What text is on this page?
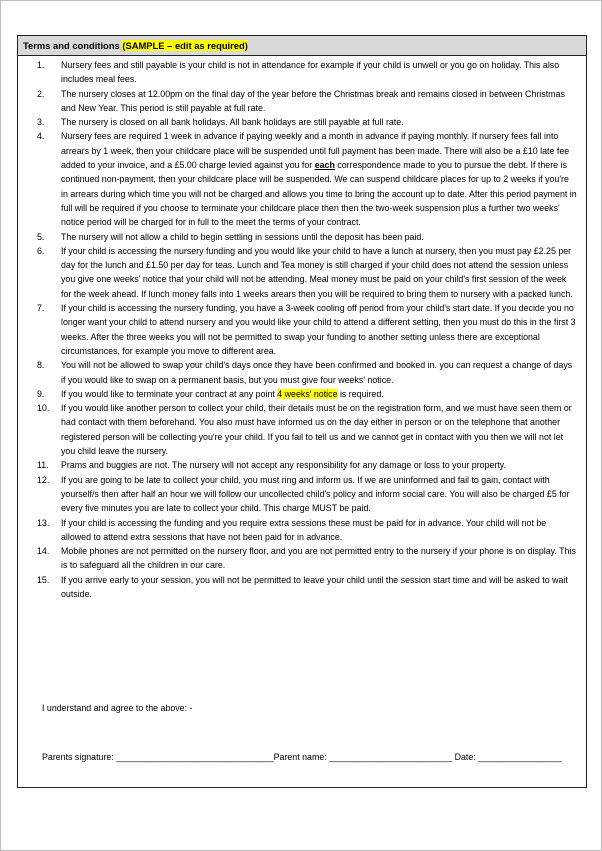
Terms and conditions (SAMPLE – edit as required)
1.	Nursery fees and still payable is your child is not in attendance for example if your child is unwell or you go on holiday. This also includes meal fees.
2.	The nursery closes at 12.00pm on the final day of the year before the Christmas break and remains closed in between Christmas and New Year. This period is still payable at full rate.
3.	The nursery is closed on all bank holidays. All bank holidays are still payable at full rate.
4.	Nursery fees are required 1 week in advance if paying weekly and a month in advance if paying monthly. If nursery fees fall into arrears by 1 week, then your childcare place will be suspended until full payment has been made. There will also be a £10 late fee added to your invoice, and a £5.00 charge levied against you for each correspondence made to you to pursue the debt. If there is continued non-payment, then your childcare place will be suspended. We can suspend childcare places for up to 2 weeks if you're in arrears during which time you will not be charged and allows you time to bring the account up to date. After this period payment in full will be required if you choose to terminate your childcare place then then the two-week suspension plus a further two weeks' notice period will be charged for in full to the meet the terms of your contract.
5.	The nursery will not allow a child to begin settling in sessions until the deposit has been paid.
6.	If your child is accessing the nursery funding and you would like your child to have a lunch at nursery, then you must pay £2.25 per day for the lunch and £1.50 per day for teas. Lunch and Tea money is still charged if your child does not attend the session unless you give one weeks' notice that your child will not be attending. Meal money must be paid on your child's first session of the week for the week ahead. If lunch money falls into 1 weeks arears then you will be required to bring them to nursery with a packed lunch.
7.	If your child is accessing the nursery funding, you have a 3-week cooling off period from your child's start date. If you decide you no longer want your child to attend nursery and you would like your child to attend a different setting, then you must do this in the first 3 weeks. After the three weeks you will not be permitted to swap your funding to another setting unless there are exceptional circumstances, for example you move to different area.
8.	You will not be allowed to swap your child's days once they have been confirmed and booked in. you can request a change of days if you would like to swap on a permanent basis, but you must give four weeks' notice.
9.	If you would like to terminate your contract at any point 4 weeks' notice is required.
10.	If you would like another person to collect your child, their details must be on the registration form, and we must have seen them or had contact with them beforehand. You also must have informed us on the day either in person or on the telephone that another registered person will be collecting you're your child. If you fail to tell us and we cannot get in contact with you then we will not let you child leave the nursery.
11.	Prams and buggies are not. The nursery will not accept any responsibility for any damage or loss to your property.
12.	If you are going to be late to collect your child, you must ring and inform us. If we are uninformed and fail to gain, contact with yourself/s then after half an hour we will follow our uncollected child's policy and inform social care. You will also be charged £5 for every five minutes you are late to collect your child. This charge MUST be paid.
13.	If your child is accessing the funding and you require extra sessions these must be paid for in advance. Your child will not be allowed to attend extra sessions that have not been paid for in advance.
14.	Mobile phones are not permitted on the nursery floor, and you are not permitted entry to the nursery if your phone is on display. This is to safeguard all the children in our care.
15.	If you arrive early to your session, you will not be permitted to leave your child until the session start time and will be asked to wait outside.
I understand and agree to the above: -
Parents signature: ________________________________Parent name: _________________________ Date: _________________
